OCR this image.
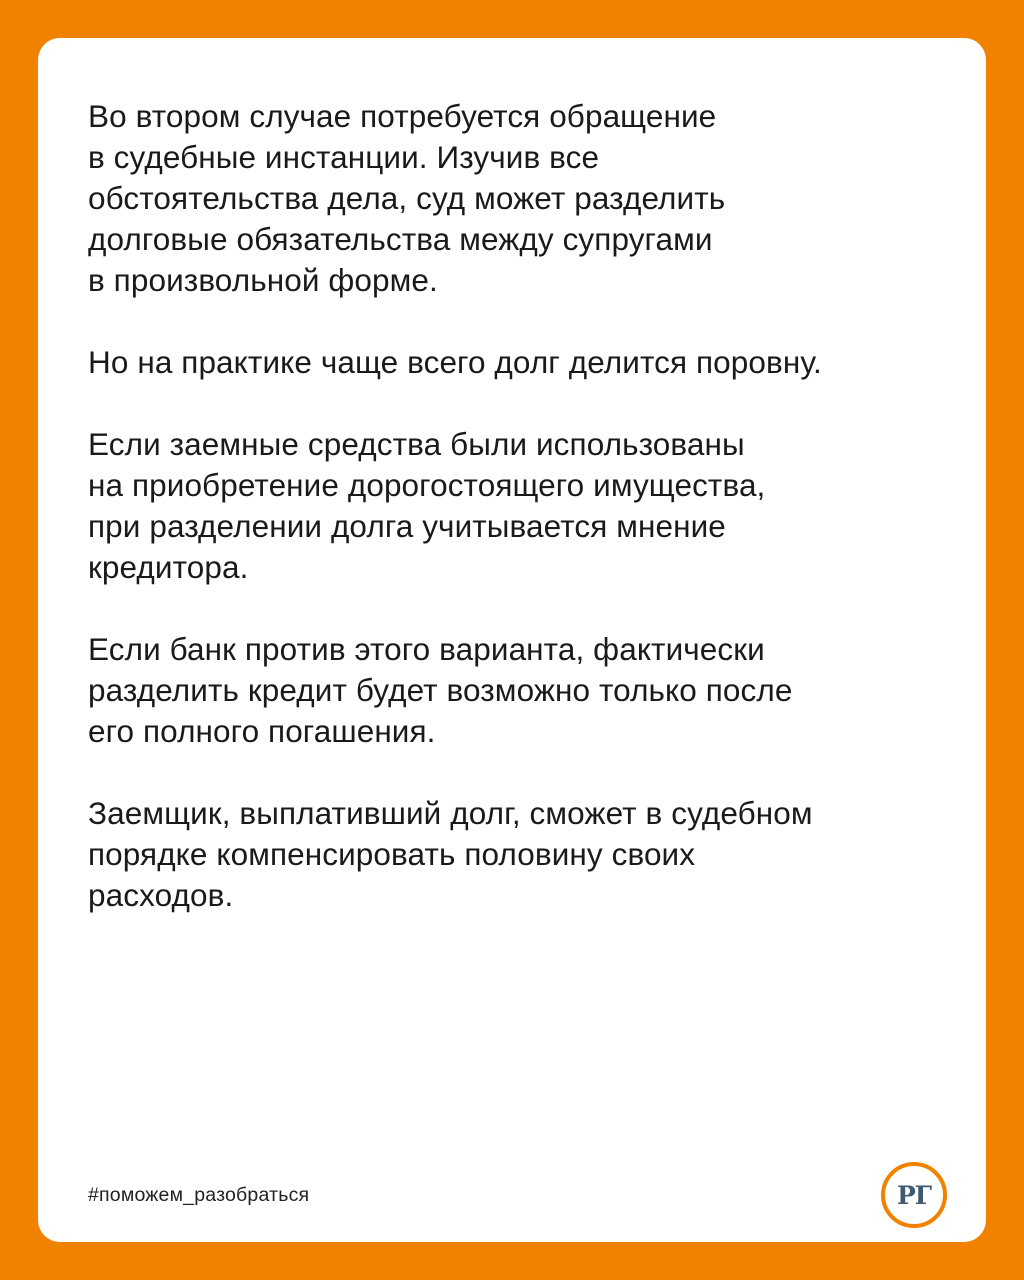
Во втором случае потребуется обращение
в судебные инстанции. Изучив все
обстоятельства дела, суд может разделить
долговые обязательства между супругами
в произвольной форме.

Но на практике чаще всего долг делится поровну.

Если заемные средства были использованы
на приобретение дорогостоящего имущества,
при разделении долга учитывается мнение
кредитора.

Если банк против этого варианта, фактически
разделить кредит будет возможно только после
его полного погашения.

Заемщик, выплативший долг, сможет в судебном
порядке компенсировать половину своих
расходов.

#поможем_разобраться	РГ
